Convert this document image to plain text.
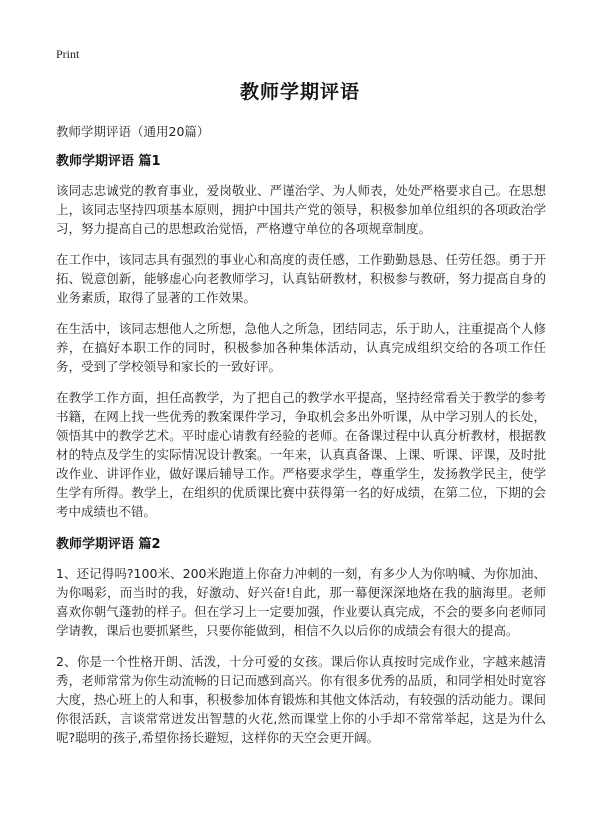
Print
教师学期评语
教师学期评语（通用20篇）
教师学期评语 篇1

该同志忠诚党的教育事业，爱岗敬业、严谨治学、为人师表，处处严格要求自己。在思想上，该同志坚持四项基本原则，拥护中国共产党的领导，积极参加单位组织的各项政治学习，努力提高自己的思想政治觉悟，严格遵守单位的各项规章制度。

在工作中，该同志具有强烈的事业心和高度的责任感，工作勤勤恳恳、任劳任怨。勇于开拓、锐意创新，能够虚心向老教师学习，认真钻研教材，积极参与教研，努力提高自身的业务素质，取得了显著的工作效果。

在生活中，该同志想他人之所想，急他人之所急，团结同志，乐于助人，注重提高个人修养，在搞好本职工作的同时，积极参加各种集体活动，认真完成组织交给的各项工作任务，受到了学校领导和家长的一致好评。

在教学工作方面，担任高教学，为了把自己的教学水平提高，坚持经常看关于教学的参考书籍，在网上找一些优秀的教案课件学习，争取机会多出外听课，从中学习别人的长处，领悟其中的教学艺术。平时虚心请教有经验的老师。在备课过程中认真分析教材，根据教材的特点及学生的实际情况设计教案。一年来，认真真备课、上课、听课、评课，及时批改作业、讲评作业，做好课后辅导工作。严格要求学生，尊重学生，发扬教学民主，使学生学有所得。教学上，在组织的优质课比赛中获得第一名的好成绩，在第二位，下期的会考中成绩也不错。

教师学期评语 篇2

1、还记得吗?100米、200米跑道上你奋力冲刺的一刻，有多少人为你呐喊、为你加油、为你喝彩，而当时的我，好激动、好兴奋!自此，那一幕便深深地烙在我的脑海里。老师喜欢你朝气蓬勃的样子。但在学习上一定要加强，作业要认真完成，不会的要多向老师同学请教，课后也要抓紧些，只要你能做到，相信不久以后你的成绩会有很大的提高。

2、你是一个性格开朗、活泼，十分可爱的女孩。课后你认真按时完成作业，字越来越清秀，老师常常为你生动流畅的日记而感到高兴。你有很多优秀的品质，和同学相处时宽容大度，热心班上的人和事，积极参加体育锻炼和其他文体活动，有较强的活动能力。课间你很活跃，言谈常常迸发出智慧的火花,然而课堂上你的小手却不常常举起，这是为什么呢?聪明的孩子,希望你扬长避短，这样你的天空会更开阔。
